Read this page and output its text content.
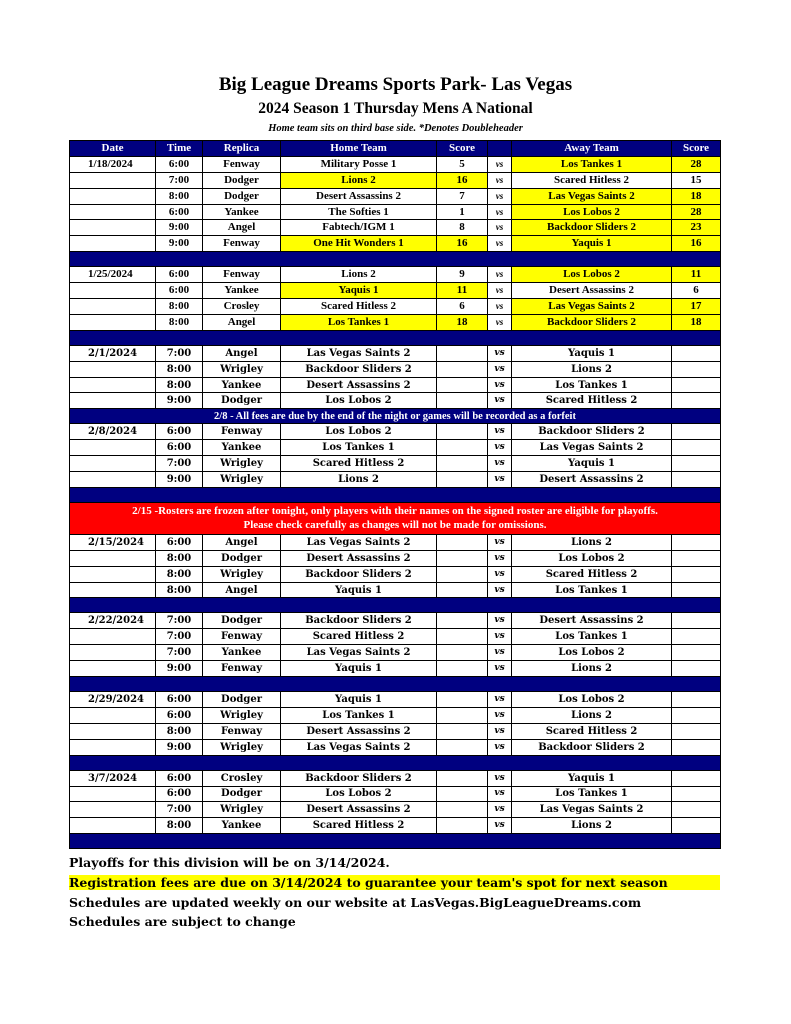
Big League Dreams Sports Park- Las Vegas
2024 Season 1 Thursday Mens A National
Home team sits on third base side. *Denotes Doubleheader
Date	Time	Replica	Home Team	Score		Away Team	Score
1/18/2024	6:00	Fenway	Military Posse 1	5	vs	Los Tankes 1	28
	7:00	Dodger	Lions 2	16	vs	Scared Hitless 2	15
	8:00	Dodger	Desert Assassins 2	7	vs	Las Vegas Saints 2	18
	6:00	Yankee	The Softies 1	1	vs	Los Lobos 2	28
	9:00	Angel	Fabtech/IGM 1	8	vs	Backdoor Sliders 2	23
	9:00	Fenway	One Hit Wonders 1	16	vs	Yaquis 1	16

1/25/2024	6:00	Fenway	Lions 2	9	vs	Los Lobos 2	11
	6:00	Yankee	Yaquis 1	11	vs	Desert Assassins 2	6
	8:00	Crosley	Scared Hitless 2	6	vs	Las Vegas Saints 2	17
	8:00	Angel	Los Tankes 1	18	vs	Backdoor Sliders 2	18

2/1/2024	7:00	Angel	Las Vegas Saints 2		vs	Yaquis 1	
	8:00	Wrigley	Backdoor Sliders 2		vs	Lions 2	
	8:00	Yankee	Desert Assassins 2		vs	Los Tankes 1	
	9:00	Dodger	Los Lobos 2		vs	Scared Hitless 2	
2/8 - All fees are due by the end of the night or games will be recorded as a forfeit							
2/8/2024	6:00	Fenway	Los Lobos 2		vs	Backdoor Sliders 2	
	6:00	Yankee	Los Tankes 1		vs	Las Vegas Saints 2	
	7:00	Wrigley	Scared Hitless 2		vs	Yaquis 1	
	9:00	Wrigley	Lions 2		vs	Desert Assassins 2	

2/15 -Rosters are frozen after tonight, only players with their names on the signed roster are eligible for playoffs.
Please check carefully as changes will not be made for omissions.							

2/15/2024	6:00	Angel	Las Vegas Saints 2		vs	Lions 2	
	8:00	Dodger	Desert Assassins 2		vs	Los Lobos 2	
	8:00	Wrigley	Backdoor Sliders 2		vs	Scared Hitless 2	
	8:00	Angel	Yaquis 1		vs	Los Tankes 1	

2/22/2024	7:00	Dodger	Backdoor Sliders 2		vs	Desert Assassins 2	
	7:00	Fenway	Scared Hitless 2		vs	Los Tankes 1	
	7:00	Yankee	Las Vegas Saints 2		vs	Los Lobos 2	
	9:00	Fenway	Yaquis 1		vs	Lions 2	

2/29/2024	6:00	Dodger	Yaquis 1		vs	Los Lobos 2	
	6:00	Wrigley	Los Tankes 1		vs	Lions 2	
	8:00	Fenway	Desert Assassins 2		vs	Scared Hitless 2	
	9:00	Wrigley	Las Vegas Saints 2		vs	Backdoor Sliders 2	

3/7/2024	6:00	Crosley	Backdoor Sliders 2		vs	Yaquis 1	
	6:00	Dodger	Los Lobos 2		vs	Los Tankes 1	
	7:00	Wrigley	Desert Assassins 2		vs	Las Vegas Saints 2	
	8:00	Yankee	Scared Hitless 2		vs	Lions 2	

Playoffs for this division will be on 3/14/2024.
Registration fees are due on 3/14/2024 to guarantee your team's spot for next season
Schedules are updated weekly on our website at LasVegas.BigLeagueDreams.com
Schedules are subject to change
